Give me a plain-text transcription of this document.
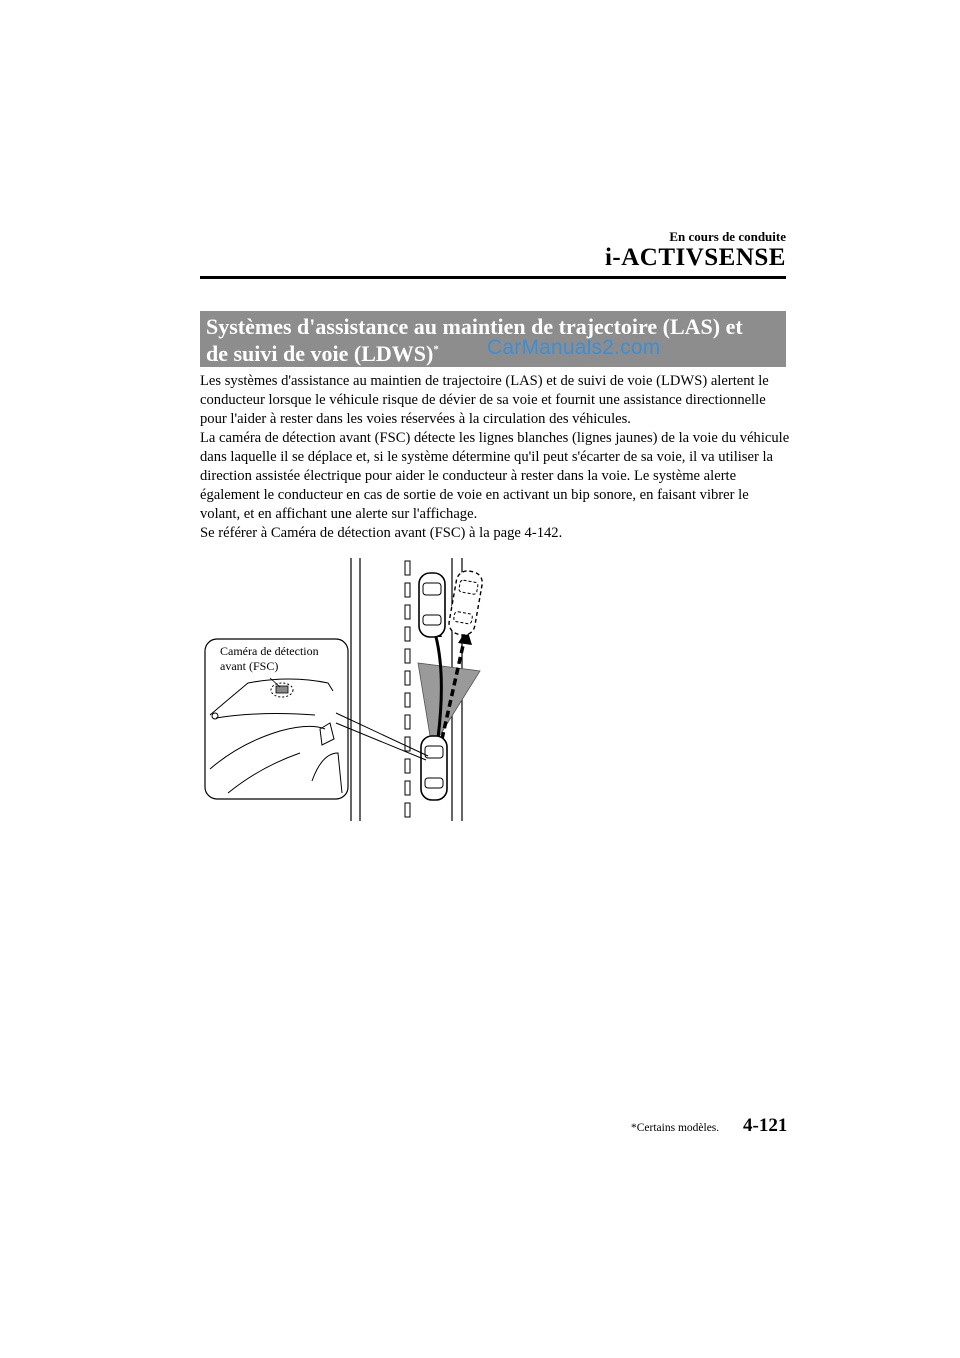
En cours de conduite
i-ACTIVSENSE
Systèmes d'assistance au maintien de trajectoire (LAS) et
de suivi de voie (LDWS)*	CarManuals2.com

Les systèmes d'assistance au maintien de trajectoire (LAS) et de suivi de voie (LDWS) alertent le conducteur lorsque le véhicule risque de dévier de sa voie et fournit une assistance directionnelle pour l'aider à rester dans les voies réservées à la circulation des véhicules.

La caméra de détection avant (FSC) détecte les lignes blanches (lignes jaunes) de la voie du véhicule dans laquelle il se déplace et, si le système détermine qu'il peut s'écarter de sa voie, il va utiliser la direction assistée électrique pour aider le conducteur à rester dans la voie. Le système alerte également le conducteur en cas de sortie de voie en activant un bip sonore, en faisant vibrer le volant, et en affichant une alerte sur l'affichage.

Se référer à Caméra de détection avant (FSC) à la page 4-142.

Caméra de détection
avant (FSC)
*Certains modèles. 4-121
